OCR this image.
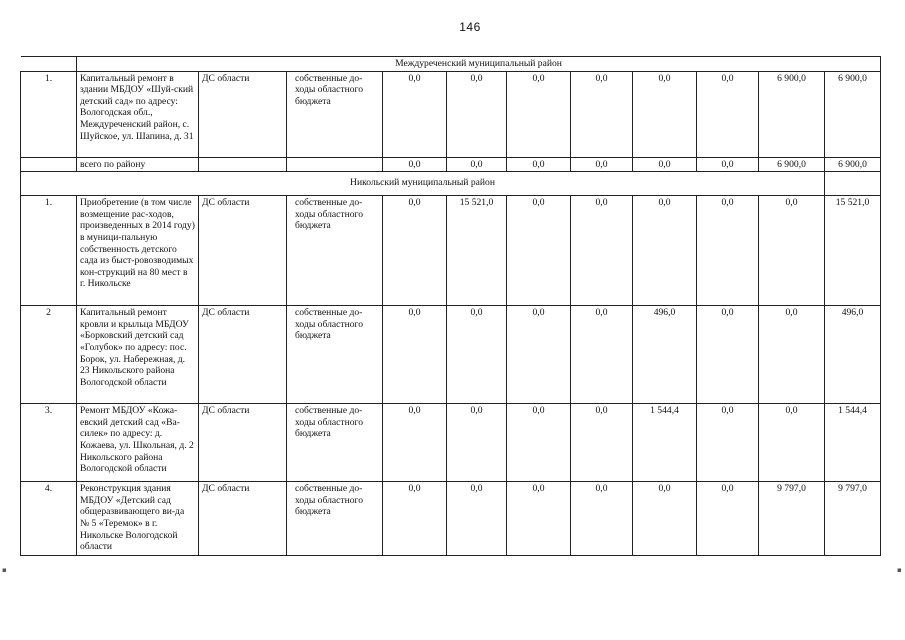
146
	Междуреченский муниципальный район										
1.	Капитальный ремонт в здании МБДОУ «Шуй-ский детский сад» по адресу: Вологодская обл., Междуреченский район, с. Шуйское, ул. Шапина, д. 31	ДС области	собственные до-ходы областного бюджета	0,0	0,0	0,0	0,0	0,0	0,0	6 900,0	6 900,0
	всего по району			0,0	0,0	0,0	0,0	0,0	0,0	6 900,0	6 900,0
Никольский муниципальный район											
1.	Приобретение (в том числе возмещение рас-ходов, произведенных в 2014 году) в муници-пальную собственность детского сада из быст-ровозводимых кон-струкций на 80 мест в г. Никольске	ДС области	собственные до-ходы областного бюджета	0,0	15 521,0	0,0	0,0	0,0	0,0	0,0	15 521,0
2	Капитальный ремонт кровли и крыльца МБДОУ «Борковский детский сад «Голубок» по адресу: пос. Борок, ул. Набережная, д. 23 Никольского района Вологодской области	ДС области	собственные до-ходы областного бюджета	0,0	0,0	0,0	0,0	496,0	0,0	0,0	496,0
3.	Ремонт МБДОУ «Кожа-евский детский сад «Ва-силек» по адресу: д. Кожаева, ул. Школьная, д. 2 Никольского района Вологодской области	ДС области	собственные до-ходы областного бюджета	0,0	0,0	0,0	0,0	1 544,4	0,0	0,0	1 544,4
4.	Реконструкция здания МБДОУ «Детский сад общеразвивающего ви-да № 5 «Теремок» в г. Никольске Вологодской области	ДС области	собственные до-ходы областного бюджета	0,0	0,0	0,0	0,0	0,0	0,0	9 797,0	9 797,0
▪	▪
